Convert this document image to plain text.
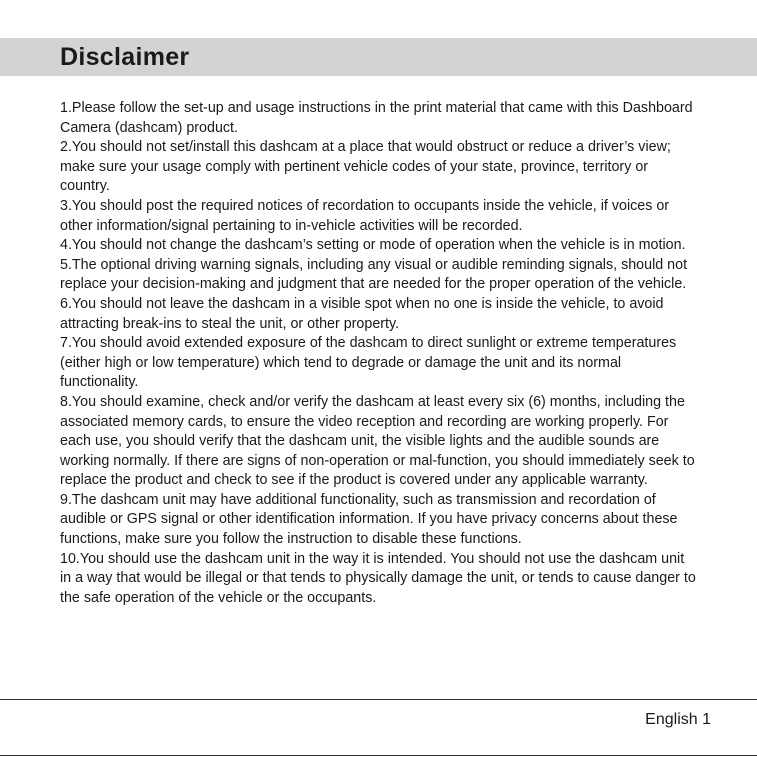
Disclaimer

1.Please follow the set-up and usage instructions in the print material that came with this Dashboard Camera (dashcam) product.

2.You should not set/install this dashcam at a place that would obstruct or reduce a driver’s view; make sure your usage comply with pertinent vehicle codes of your state, province, territory or country.

3.You should post the required notices of recordation to occupants inside the vehicle, if voices or other information/signal pertaining to in-vehicle activities will be recorded.

4.You should not change the dashcam’s setting or mode of operation when the vehicle is in motion.

5.The optional driving warning signals, including any visual or audible reminding signals, should not replace your decision-making and judgment that are needed for the proper operation of the vehicle.

6.You should not leave the dashcam in a visible spot when no one is inside the vehicle, to avoid attracting break-ins to steal the unit, or other property.

7.You should avoid extended exposure of the dashcam to direct sunlight or extreme temperatures (either high or low temperature) which tend to degrade or damage the unit and its normal functionality.

8.You should examine, check and/or verify the dashcam at least every six (6) months, including the associated memory cards, to ensure the video reception and recording are working properly. For each use, you should verify that the dashcam unit, the visible lights and the audible sounds are working normally. If there are signs of non-operation or mal-function, you should immediately seek to replace the product and check to see if the product is covered under any applicable warranty.

9.The dashcam unit may have additional functionality, such as transmission and recordation of audible or GPS signal or other identification information. If you have privacy concerns about these functions, make sure you follow the instruction to disable these functions.

10.You should use the dashcam unit in the way it is intended. You should not use the dashcam unit in a way that would be illegal or that tends to physically damage the unit, or tends to cause danger to the safe operation of the vehicle or the occupants.

English 1
